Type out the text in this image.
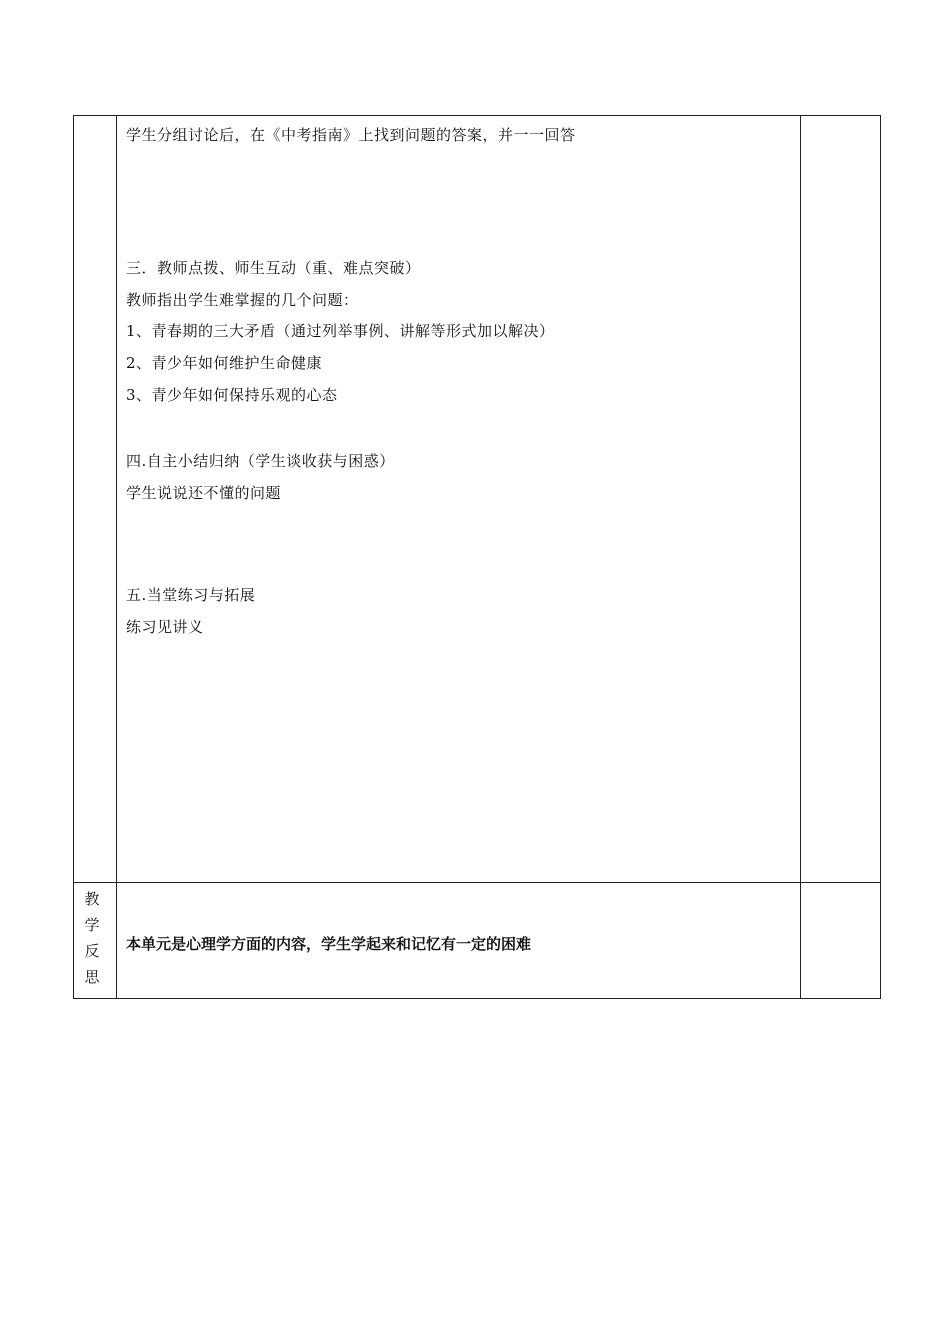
学生分组讨论后，在《中考指南》上找到问题的答案，并一一回答
三．教师点拨、师生互动（重、难点突破）
教师指出学生难掌握的几个问题：
1、青春期的三大矛盾（通过列举事例、讲解等形式加以解决）
2、青少年如何维护生命健康
3、青少年如何保持乐观的心态
四.自主小结归纳（学生谈收获与困惑）
学生说说还不懂的问题
五.当堂练习与拓展
练习见讲义
教
学
反
思
本单元是心理学方面的内容，学生学起来和记忆有一定的困难
